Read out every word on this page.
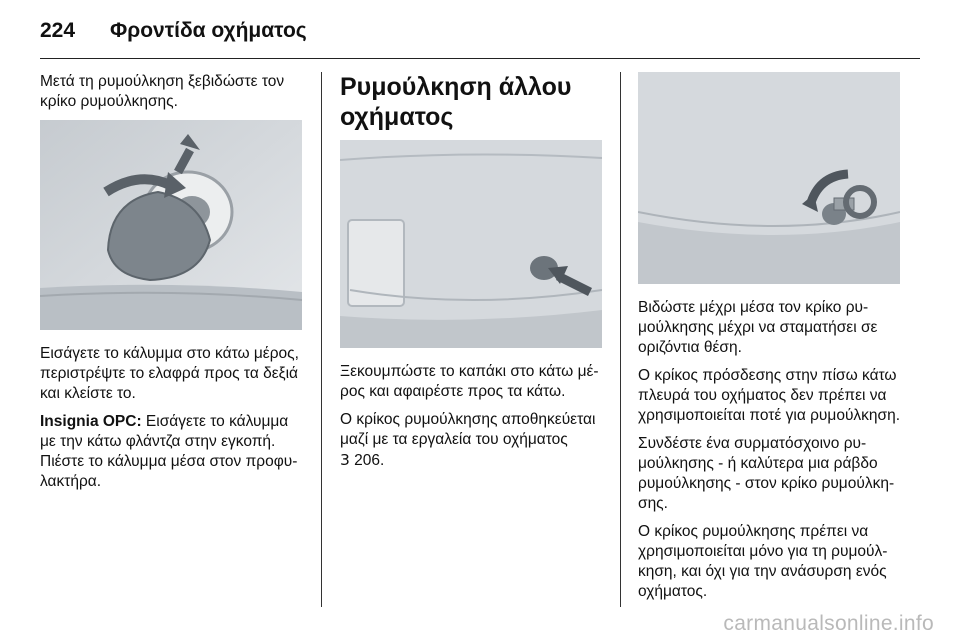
224	Φροντίδα οχήματος

Μετά τη ρυμούλκηση ξεβιδώστε τον κρίκο ρυμούλκησης.

Εισάγετε το κάλυμμα στο κάτω μέρος, περιστρέψτε το ελαφρά προς τα δεξιά και κλείστε το.

Insignia OPC: Εισάγετε το κάλυμμα με την κάτω φλάντζα στην εγκοπή. Πιέστε το κάλυμμα μέσα στον προφυλακτήρα.

Ρυμούλκηση άλλου οχήματος

Ξεκουμπώστε το καπάκι στο κάτω μέρος και αφαιρέστε προς τα κάτω.

Ο κρίκος ρυμούλκησης αποθηκεύεται μαζί με τα εργαλεία του οχήματος
3 206.

Βιδώστε μέχρι μέσα τον κρίκο ρυμούλκησης μέχρι να σταματήσει σε οριζόντια θέση.

Ο κρίκος πρόσδεσης στην πίσω κάτω πλευρά του οχήματος δεν πρέπει να χρησιμοποιείται ποτέ για ρυμούλκηση.

Συνδέστε ένα συρματόσχοινο ρυμούλκησης - ή καλύτερα μια ράβδο ρυμούλκησης - στον κρίκο ρυμούλκησης.

Ο κρίκος ρυμούλκησης πρέπει να χρησιμοποιείται μόνο για τη ρυμούλκηση, και όχι για την ανάσυρση ενός οχήματος.

carmanualsonline.info
